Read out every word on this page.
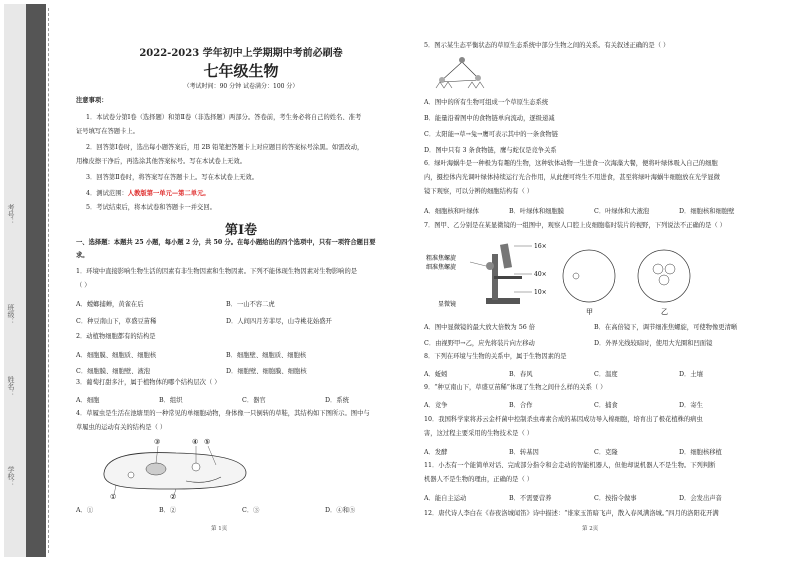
考号：
班级：
姓名：
学校：
2022-2023 学年初中上学期期中考前必刷卷
七年级生物
（考试时间：90 分钟 试卷满分：100 分）
注意事项：
1．本试卷分第Ⅰ卷（选择题）和第Ⅱ卷（非选择题）两部分。答卷前，考生务必将自己的姓名、准考
证号填写在答题卡上。
2．回答第Ⅰ卷时，选出每小题答案后，用 2B 铅笔把答题卡上对应题目的答案标号涂黑。如需改动，
用橡皮擦干净后，再选涂其他答案标号。写在本试卷上无效。
3．回答第Ⅱ卷时，将答案写在答题卡上。写在本试卷上无效。
4．测试范围：人教版第一单元—第二单元。
5．考试结束后，将本试卷和答题卡一并交回。
第Ⅰ卷
一、选择题：本题共 25 小题，每小题 2 分，共 50 分。在每小题给出的四个选项中，只有一项符合题目要
求。
1．环境中直接影响生物生活的因素有非生物因素和生物因素。下列不能体现生物因素对生物影响的是
（ ）
A．螳螂捕蝉，黄雀在后	B．一山不容二虎
C．种豆南山下，草盛豆苗稀	D．人间四月芳菲尽，山寺桃花始盛开
2．动植物细胞都有的结构是
A．细胞膜、细胞质、细胞核	B．细胞壁、细胞质、细胞核
C．细胞膜、细胞壁、液泡	D．细胞壁、细胞膜、细胞核
3．葡萄打甜多汁，属于植物体的哪个结构层次（ ）
A．细胞	B．组织	C．器官	D．系统
4．草履虫是生活在池塘里的一种常见的单细胞动物，身体像一只倒转的草鞋，其结构如下图所示。图中与
草履虫的运动有关的结构是（ ）
③	④ ⑤
①	②
A．①	B．②	C．③	D．④和⑤
第 1页
5．图示某生态平衡状态的草原生态系统中部分生物之间的关系。有关叙述正确的是（ ）
A．图中的所有生物可组成一个草原生态系统
B．能量沿着图中的食物链单向流动，逐级递减
C．太阳能→草→兔→鹰可表示其中的一条食物链
D．图中只有 3 条食物链，鹰与蛇仅是竞争关系
6．绿叶海蜗牛是一种极为有趣的生物，这种软体动物一生进食一次海藻大餐，便将叶绿体吸入自己的细胞
内，摄控体内光调叶绿体持续运行光合作用，从此便可终生不用进食，甚至将绿叶海蜗牛细胞放在光学显微
镜下观察，可以分辨的细胞结构有（ ）
A．细胞核和叶绿体	B．叶绿体和细胞膜	C．叶绿体和大液泡	D．细胞核和细胞壁
7．图甲、乙分别是在某显微镜的一组图中，观察人口腔上皮细胞临时装片的视野，下列说法不正确的是（ ）
粗准焦螺旋
细准焦螺旋
显微镜
16×
40×
10×
甲	乙
A．图中显微镜的最大放大倍数为 56 倍	B．在高倍镜下，调节细准焦螺旋，可使物像更清晰
C．由视野甲→乙，应先将装片向左移动	D．外界光线较暗时，使用大光圈和凹面镜
8．下列在环境与生物的关系中，属于生物因素的是
A．蚯蚓	B．春风	C．温度	D．土壤
9．“种豆南山下，草盛豆苗稀”体现了生物之间什么样的关系（ ）
A．竞争	B．合作	C．捕食	D．寄生
10．我国科学家将苏云金杆菌中控制杀虫毒素合成的基因成功导入棉细胞，培育出了极花植株的病虫
害，这过程主要采用的生物技术是（ ）
A．发酵	B．转基因	C．克隆	D．细胞核移植
11．小杰有一个能简单对话、完成部分指令和会走动的智能机器人，但他却说机器人不是生物。下列判断
机器人不是生物的理由，正确的是（ ）
A．能自主运动	B．不需要营养	C．按指令做事	D．会发出声音
12．唐代诗人李白在《春夜洛城闻笛》诗中描述：“谁家玉笛暗飞声，散入春风满洛城。”四月的洛阳花开满
第 2页
